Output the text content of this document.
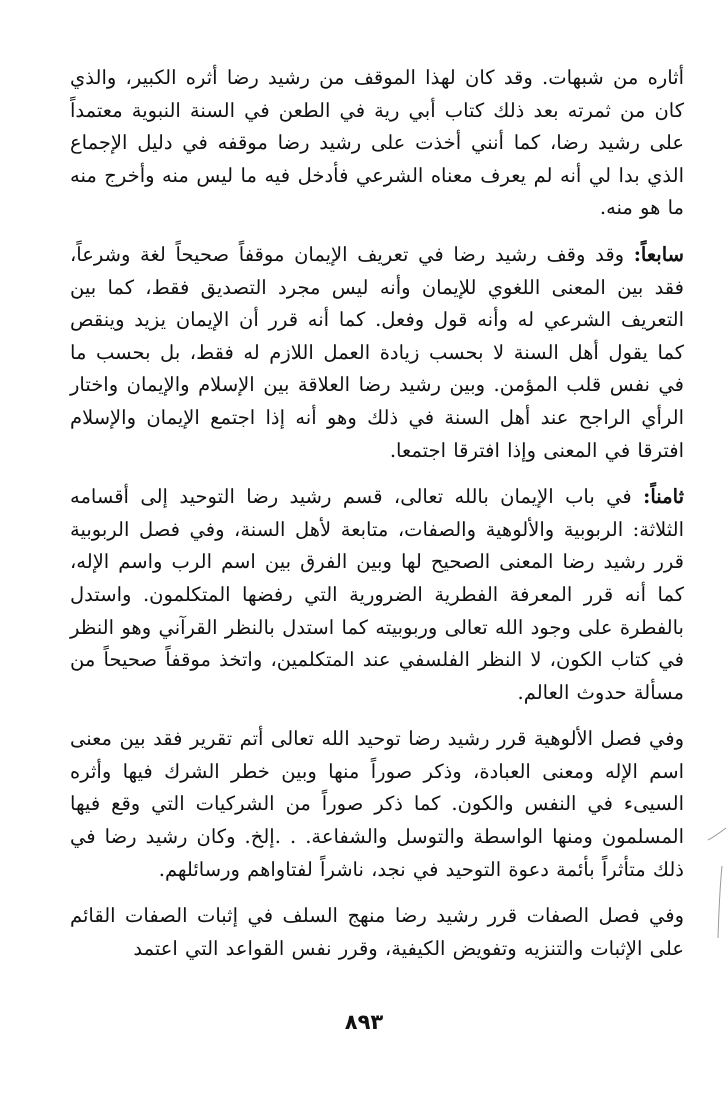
أثاره من شبهات. وقد كان لهذا الموقف من رشيد رضا أثره الكبير، والذي كان من ثمرته بعد ذلك كتاب أبي رية في الطعن في السنة النبوية معتمداً على رشيد رضا، كما أنني أخذت على رشيد رضا موقفه في دليل الإجماع الذي بدا لي أنه لم يعرف معناه الشرعي فأدخل فيه ما ليس منه وأخرج منه ما هو منه.

سابعاً: وقد وقف رشيد رضا في تعريف الإيمان موقفاً صحيحاً لغة وشرعاً، فقد بين المعنى اللغوي للإيمان وأنه ليس مجرد التصديق فقط، كما بين التعريف الشرعي له وأنه قول وفعل. كما أنه قرر أن الإيمان يزيد وينقص كما يقول أهل السنة لا بحسب زيادة العمل اللازم له فقط، بل بحسب ما في نفس قلب المؤمن. وبين رشيد رضا العلاقة بين الإسلام والإيمان واختار الرأي الراجح عند أهل السنة في ذلك وهو أنه إذا اجتمع الإيمان والإسلام افترقا في المعنى وإذا افترقا اجتمعا.

ثامناً: في باب الإيمان بالله تعالى، قسم رشيد رضا التوحيد إلى أقسامه الثلاثة: الربوبية والألوهية والصفات، متابعة لأهل السنة، وفي فصل الربوبية قرر رشيد رضا المعنى الصحيح لها وبين الفرق بين اسم الرب واسم الإله، كما أنه قرر المعرفة الفطرية الضرورية التي رفضها المتكلمون. واستدل بالفطرة على وجود الله تعالى وربوبيته كما استدل بالنظر القرآني وهو النظر في كتاب الكون، لا النظر الفلسفي عند المتكلمين، واتخذ موقفاً صحيحاً من مسألة حدوث العالم.

وفي فصل الألوهية قرر رشيد رضا توحيد الله تعالى أتم تقرير فقد بين معنى اسم الإله ومعنى العبادة، وذكر صوراً منها وبين خطر الشرك فيها وأثره السيىء في النفس والكون. كما ذكر صوراً من الشركيات التي وقع فيها المسلمون ومنها الواسطة والتوسل والشفاعة. . .إلخ. وكان رشيد رضا في ذلك متأثراً بأئمة دعوة التوحيد في نجد، ناشراً لفتاواهم ورسائلهم.

وفي فصل الصفات قرر رشيد رضا منهج السلف في إثبات الصفات القائم على الإثبات والتنزيه وتفويض الكيفية، وقرر نفس القواعد التي اعتمد

٨٩٣
